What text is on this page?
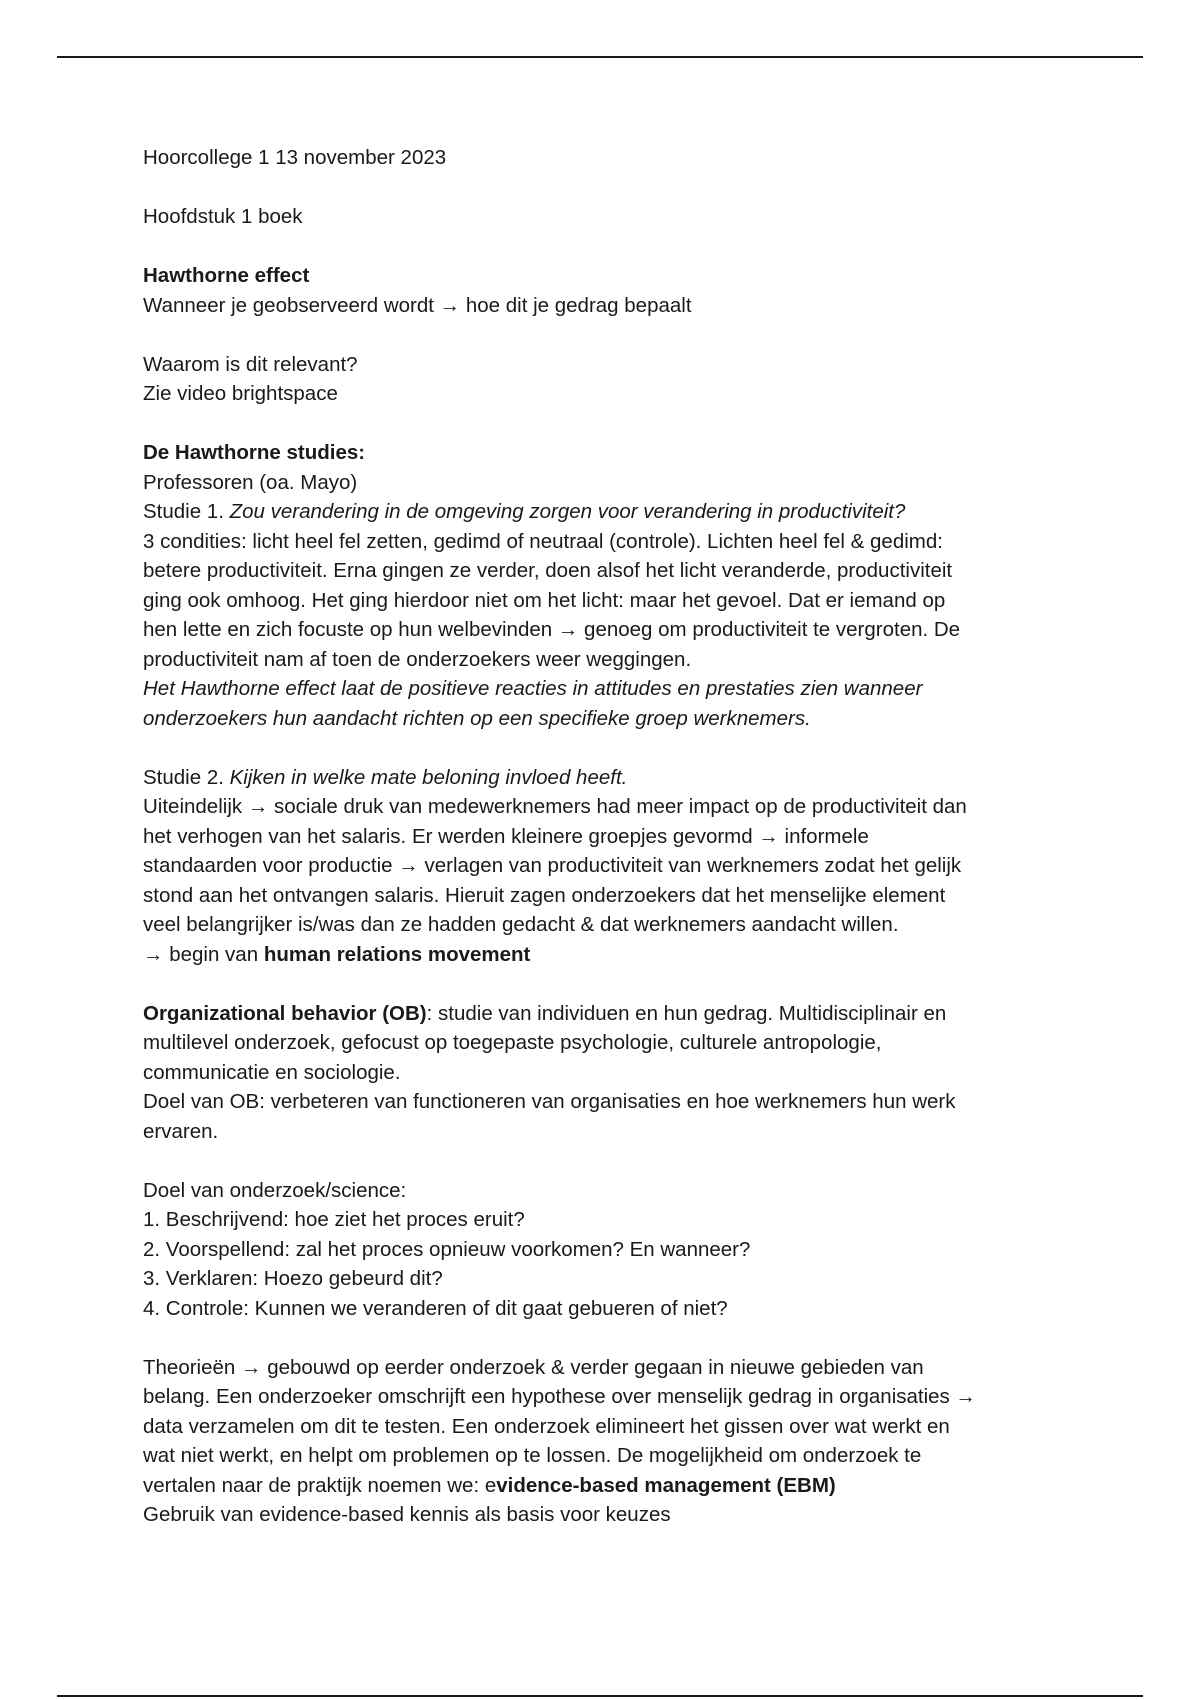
Hoorcollege 1 13 november 2023

Hoofdstuk 1 boek

Hawthorne effect

Wanneer je geobserveerd wordt → hoe dit je gedrag bepaalt

Waarom is dit relevant?

Zie video brightspace

De Hawthorne studies:

Professoren (oa. Mayo)

Studie 1. Zou verandering in de omgeving zorgen voor verandering in productiviteit?

3 condities: licht heel fel zetten, gedimd of neutraal (controle). Lichten heel fel & gedimd:

betere productiviteit. Erna gingen ze verder, doen alsof het licht veranderde, productiviteit

ging ook omhoog. Het ging hierdoor niet om het licht: maar het gevoel. Dat er iemand op

hen lette en zich focuste op hun welbevinden → genoeg om productiviteit te vergroten. De

productiviteit nam af toen de onderzoekers weer weggingen.

Het Hawthorne effect laat de positieve reacties in attitudes en prestaties zien wanneer

onderzoekers hun aandacht richten op een specifieke groep werknemers.

Studie 2. Kijken in welke mate beloning invloed heeft.

Uiteindelijk → sociale druk van medewerknemers had meer impact op de productiviteit dan

het verhogen van het salaris. Er werden kleinere groepjes gevormd → informele

standaarden voor productie → verlagen van productiviteit van werknemers zodat het gelijk

stond aan het ontvangen salaris. Hieruit zagen onderzoekers dat het menselijke element

veel belangrijker is/was dan ze hadden gedacht & dat werknemers aandacht willen.

→ begin van human relations movement

Organizational behavior (OB): studie van individuen en hun gedrag. Multidisciplinair en

multilevel onderzoek, gefocust op toegepaste psychologie, culturele antropologie,

communicatie en sociologie.

Doel van OB: verbeteren van functioneren van organisaties en hoe werknemers hun werk

ervaren.

Doel van onderzoek/science:

1. Beschrijvend: hoe ziet het proces eruit?

2. Voorspellend: zal het proces opnieuw voorkomen? En wanneer?

3. Verklaren: Hoezo gebeurd dit?

4. Controle: Kunnen we veranderen of dit gaat gebueren of niet?

Theorieën → gebouwd op eerder onderzoek & verder gegaan in nieuwe gebieden van

belang. Een onderzoeker omschrijft een hypothese over menselijk gedrag in organisaties →

data verzamelen om dit te testen. Een onderzoek elimineert het gissen over wat werkt en

wat niet werkt, en helpt om problemen op te lossen. De mogelijkheid om onderzoek te

vertalen naar de praktijk noemen we: evidence-based management (EBM)

Gebruik van evidence-based kennis als basis voor keuzes
